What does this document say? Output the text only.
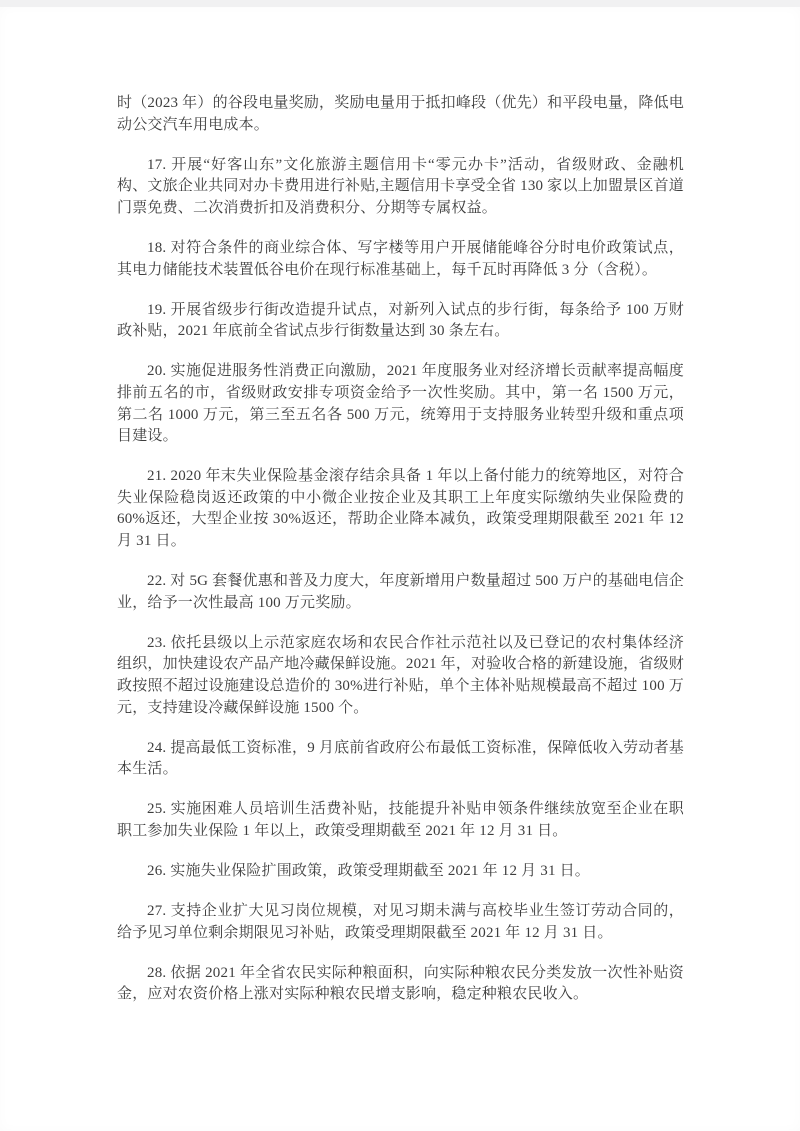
时（2023 年）的谷段电量奖励，奖励电量用于抵扣峰段（优先）和平段电量，降低电动公交汽车用电成本。

17. 开展“好客山东”文化旅游主题信用卡“零元办卡”活动，省级财政、金融机构、文旅企业共同对办卡费用进行补贴,主题信用卡享受全省 130 家以上加盟景区首道门票免费、二次消费折扣及消费积分、分期等专属权益。

18. 对符合条件的商业综合体、写字楼等用户开展储能峰谷分时电价政策试点，其电力储能技术装置低谷电价在现行标准基础上，每千瓦时再降低 3 分（含税）。

19. 开展省级步行街改造提升试点，对新列入试点的步行街，每条给予 100 万财政补贴，2021 年底前全省试点步行街数量达到 30 条左右。

20. 实施促进服务性消费正向激励，2021 年度服务业对经济增长贡献率提高幅度排前五名的市，省级财政安排专项资金给予一次性奖励。其中，第一名 1500 万元，第二名 1000 万元，第三至五名各 500 万元，统筹用于支持服务业转型升级和重点项目建设。

21. 2020 年末失业保险基金滚存结余具备 1 年以上备付能力的统筹地区，对符合失业保险稳岗返还政策的中小微企业按企业及其职工上年度实际缴纳失业保险费的 60%返还，大型企业按 30%返还，帮助企业降本减负，政策受理期限截至 2021 年 12 月 31 日。

22. 对 5G 套餐优惠和普及力度大，年度新增用户数量超过 500 万户的基础电信企业，给予一次性最高 100 万元奖励。

23. 依托县级以上示范家庭农场和农民合作社示范社以及已登记的农村集体经济组织，加快建设农产品产地冷藏保鲜设施。2021 年，对验收合格的新建设施，省级财政按照不超过设施建设总造价的 30%进行补贴，单个主体补贴规模最高不超过 100 万元，支持建设冷藏保鲜设施 1500 个。

24. 提高最低工资标准，9 月底前省政府公布最低工资标准，保障低收入劳动者基本生活。

25. 实施困难人员培训生活费补贴，技能提升补贴申领条件继续放宽至企业在职职工参加失业保险 1 年以上，政策受理期截至 2021 年 12 月 31 日。

26. 实施失业保险扩围政策，政策受理期截至 2021 年 12 月 31 日。

27. 支持企业扩大见习岗位规模，对见习期未满与高校毕业生签订劳动合同的，给予见习单位剩余期限见习补贴，政策受理期限截至 2021 年 12 月 31 日。

28. 依据 2021 年全省农民实际种粮面积，向实际种粮农民分类发放一次性补贴资金，应对农资价格上涨对实际种粮农民增支影响，稳定种粮农民收入。
